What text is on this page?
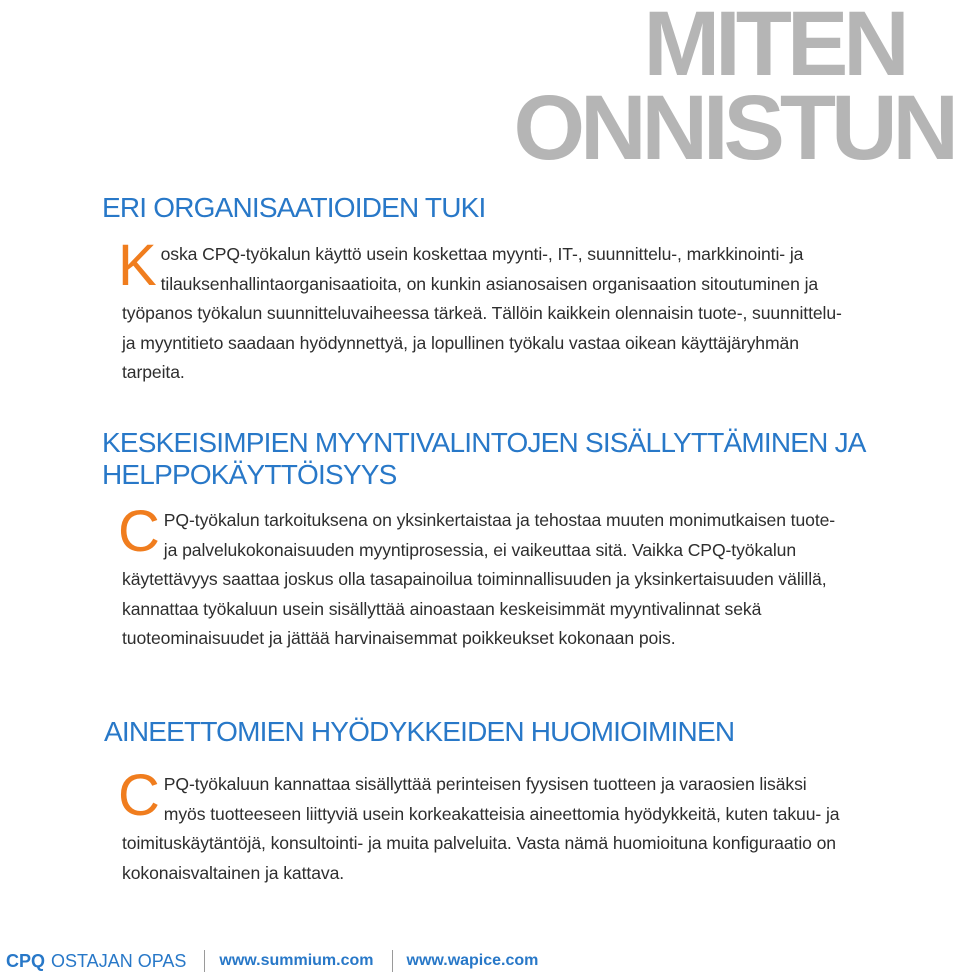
MITEN
ONNISTUN
ERI ORGANISAATIOIDEN TUKI

Koska CPQ-työkalun käyttö usein koskettaa myynti-, IT-, suunnittelu-, markkinointi- ja tilauksenhallintaorganisaatioita, on kunkin asianosaisen organisaation sitoutuminen ja työpanos työkalun suunnitteluvaiheessa tärkeä. Tällöin kaikkein olennaisin tuote-, suunnittelu- ja myyntitieto saadaan hyödynnettyä, ja lopullinen työkalu vastaa oikean käyttäjäryhmän tarpeita.

KESKEISIMPIEN MYYNTIVALINTOJEN SISÄLLYTTÄMINEN JA
HELPPOKÄYTTÖISYYS

CPQ-työkalun tarkoituksena on yksinkertaistaa ja tehostaa muuten monimutkaisen tuote- ja palvelukokonaisuuden myyntiprosessia, ei vaikeuttaa sitä. Vaikka CPQ-työkalun käytettävyys saattaa joskus olla tasapainoilua toiminnallisuuden ja yksinkertaisuuden välillä, kannattaa työkaluun usein sisällyttää ainoastaan keskeisimmät myyntivalinnat sekä tuoteominaisuudet ja jättää harvinaisemmat poikkeukset kokonaan pois.

AINEETTOMIEN HYÖDYKKEIDEN HUOMIOIMINEN

CPQ-työkaluun kannattaa sisällyttää perinteisen fyysisen tuotteen ja varaosien lisäksi myös tuotteeseen liittyviä usein korkeakatteisia aineettomia hyödykkeitä, kuten takuu- ja toimituskäytäntöjä, konsultointi- ja muita palveluita. Vasta nämä huomioituna konfiguraatio on kokonaisvaltainen ja kattava.

CPQ OSTAJAN OPAS www.summium.com www.wapice.com
